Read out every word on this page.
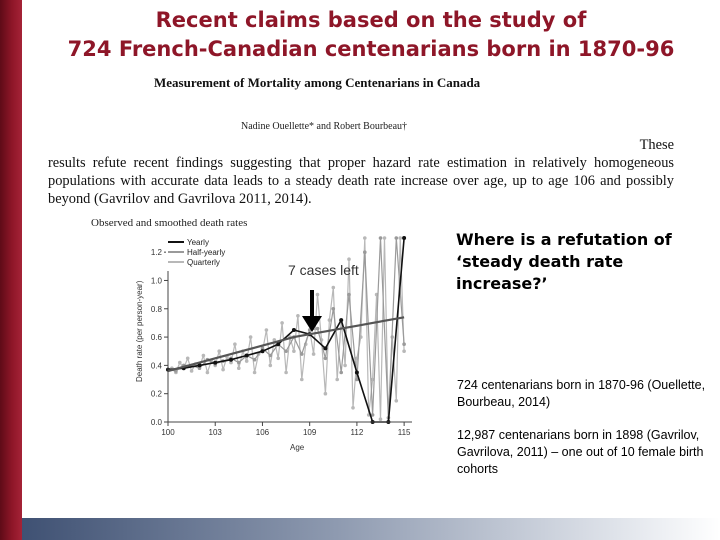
Recent claims based on the study of
724 French-Canadian centenarians born in 1870-96
Measurement of Mortality among Centenarians in Canada
Nadine Ouellette* and Robert Bourbeau†

These
results refute recent findings suggesting that proper hazard rate estimation in relatively homogeneous populations with accurate data leads to a steady death rate increase over age, up to age 106 and possibly beyond (Gavrilov and Gavrilova 2011, 2014).

Observed and smoothed death rates
100	103	106	109	112	115
0.0
0.2
0.4
0.6
0.8
1.0
1.2
Yearly
Half-yearly
Quarterly
Age
Death rate (per person-year)
7 cases left

Where is a refutation of ‘steady death rate increase?’

724 centenarians born in 1870-96 (Ouellette, Bourbeau, 2014)

12,987 centenarians born in 1898 (Gavrilov, Gavrilova, 2011) – one out of 10 female birth cohorts
